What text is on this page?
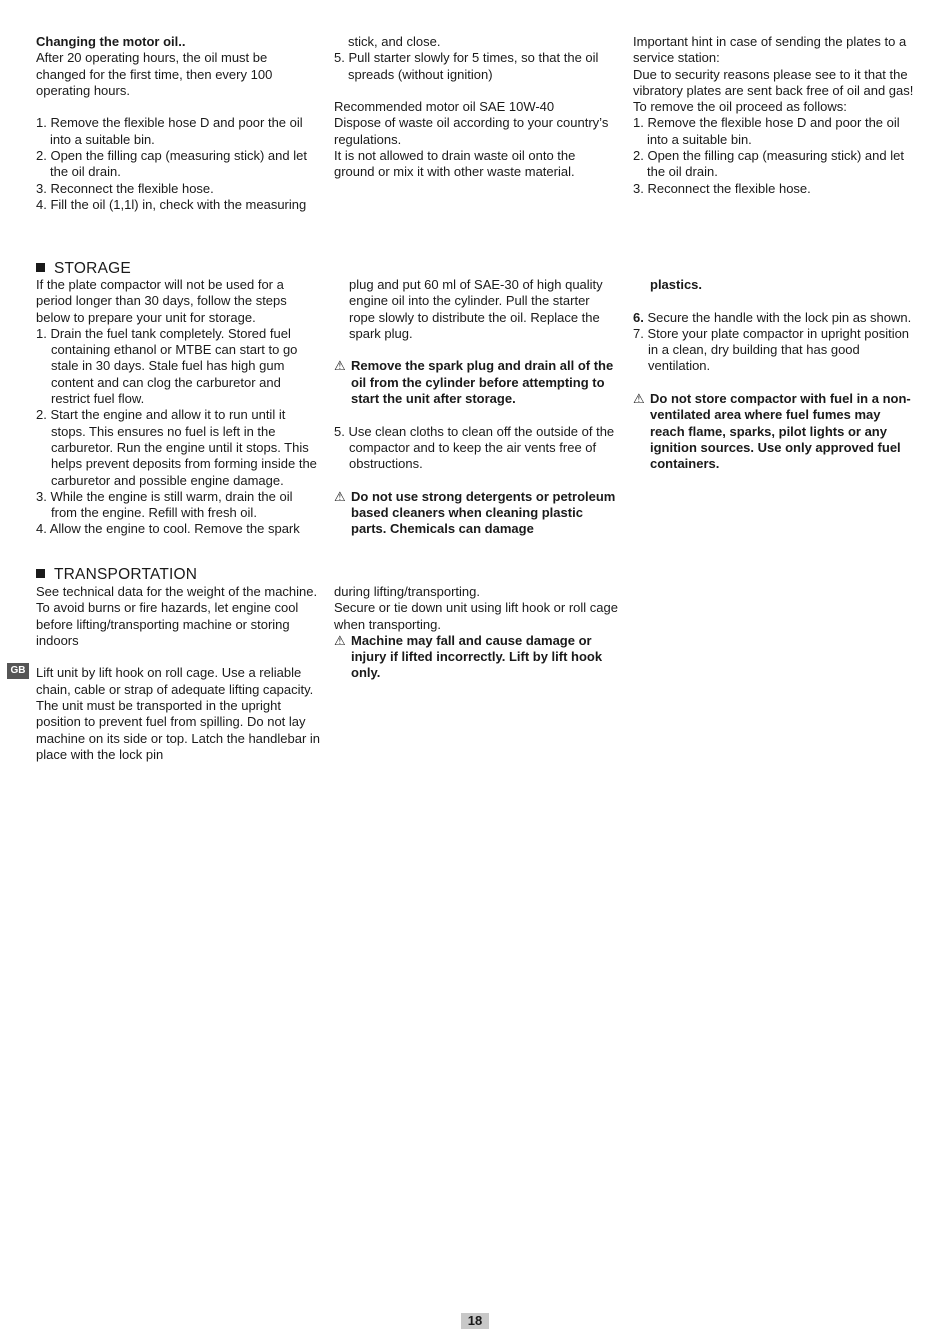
Changing the motor oil..

After 20 operating hours, the oil must be changed for the first time, then every 100 operating hours.

1. Remove the flexible hose D and poor the oil into a suitable bin.

2. Open the filling cap (measuring stick) and let the oil drain.

3. Reconnect the flexible hose.

4. Fill the oil (1,1l) in, check with the measuring

stick, and close.

5. Pull starter slowly for 5 times, so that the oil spreads (without ignition)

Recommended motor oil SAE 10W-40

Dispose of waste oil according to your country’s regulations.

It is not allowed to drain waste oil onto the ground or mix it with other waste material.

Important hint in case of sending the plates to a service station:

Due to security reasons please see to it that the vibratory plates are sent back free of oil and gas!

To remove the oil proceed as follows:

1. Remove the flexible hose D and poor the oil into a suitable bin.

2. Open the filling cap (measuring stick) and let the oil drain.

3. Reconnect the flexible hose.

STORAGE

If the plate compactor will not be used for a period longer than 30 days, follow the steps below to prepare your unit for storage.

1. Drain the fuel tank completely. Stored fuel containing ethanol or MTBE can start to go stale in 30 days. Stale fuel has high gum content and can clog the carburetor and restrict fuel flow.

2. Start the engine and allow it to run until it stops. This ensures no fuel is left in the carburetor. Run the engine until it stops. This helps prevent deposits from forming inside the carburetor and possible engine damage.

3. While the engine is still warm, drain the oil from the engine. Refill with fresh oil.

4. Allow the engine to cool. Remove the spark

plug and put 60 ml of SAE-30 of high quality engine oil into the cylinder. Pull the starter rope slowly to distribute the oil. Replace the spark plug.

⚠ Remove the spark plug and drain all of the oil from the cylinder before attempting to start the unit after storage.

5. Use clean cloths to clean off the outside of the compactor and to keep the air vents free of obstructions.

⚠ Do not use strong detergents or petroleum based cleaners when cleaning plastic parts. Chemicals can damage

plastics.

6. Secure the handle with the lock pin as shown.

7. Store your plate compactor in upright position in a clean, dry building that has good ventilation.

⚠ Do not store compactor with fuel in a non-ventilated area where fuel fumes may reach flame, sparks, pilot lights or any ignition sources. Use only approved fuel containers.

TRANSPORTATION

See technical data for the weight of the machine. To avoid burns or fire hazards, let engine cool before lifting/transporting machine or storing indoors

Lift unit by lift hook on roll cage. Use a reliable chain, cable or strap of adequate lifting capacity. The unit must be transported in the upright position to prevent fuel from spilling. Do not lay machine on its side or top. Latch the handlebar in place with the lock pin

during lifting/transporting.

Secure or tie down unit using lift hook or roll cage when transporting.

⚠ Machine may fall and cause damage or injury if lifted incorrectly. Lift by lift hook only.

GB
18
